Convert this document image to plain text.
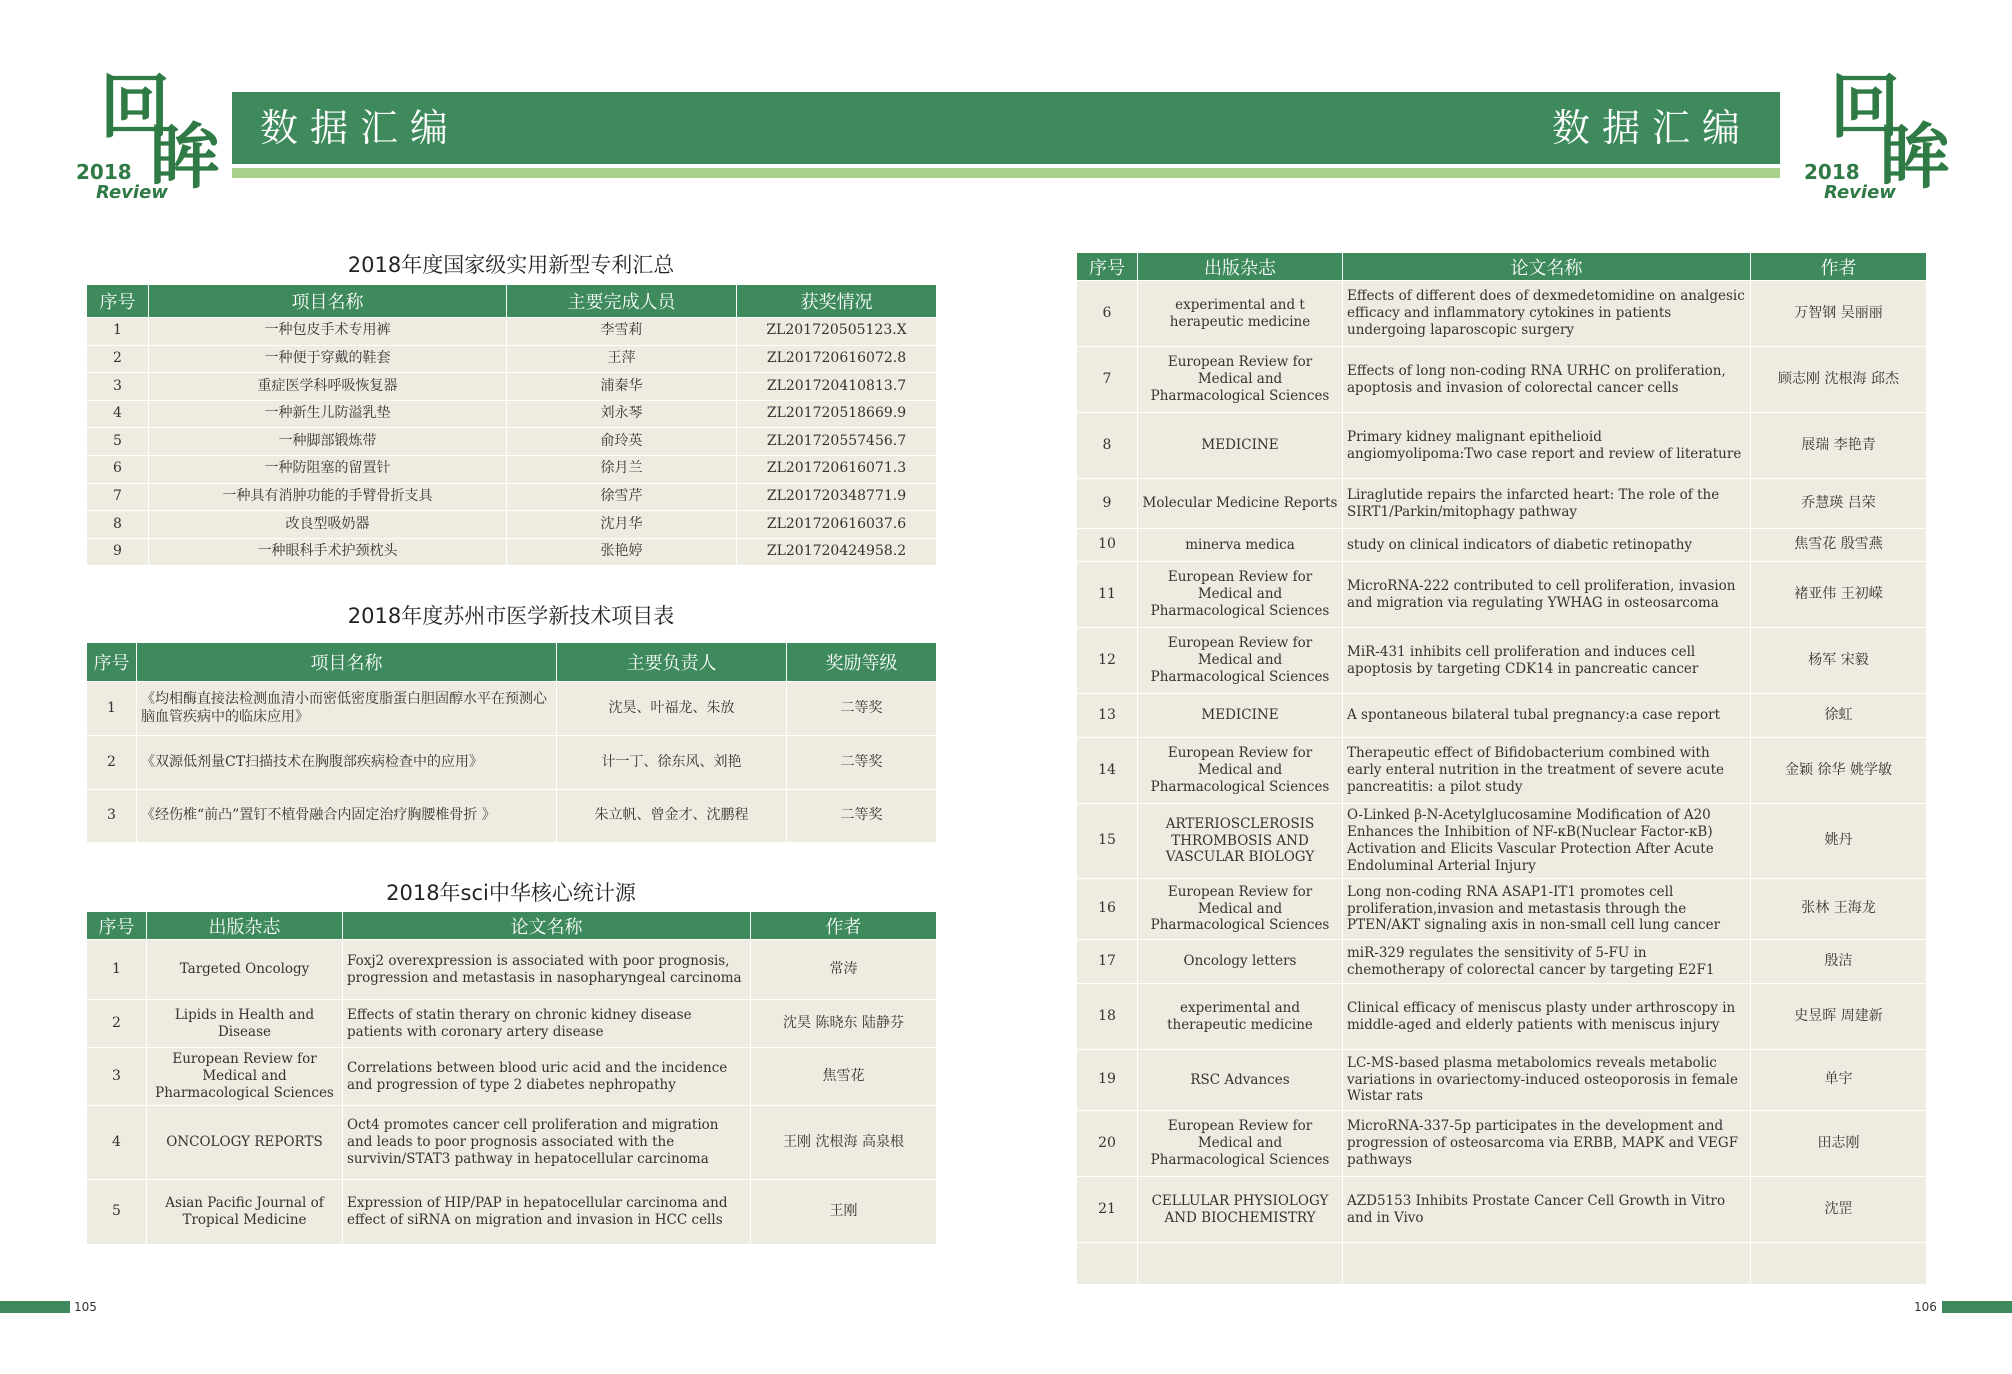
数据汇编	数据汇编
回
眸
2018
Review
回
眸
2018
Review
2018年度国家级实用新型专利汇总
序号	项目名称	主要完成人员	获奖情况
1	一种包皮手术专用裤	李雪莉	ZL201720505123.X
2	一种便于穿戴的鞋套	王萍	ZL201720616072.8
3	重症医学科呼吸恢复器	浦秦华	ZL201720410813.7
4	一种新生儿防溢乳垫	刘永琴	ZL201720518669.9
5	一种脚部锻炼带	俞玲英	ZL201720557456.7
6	一种防阻塞的留置针	徐月兰	ZL201720616071.3
7	一种具有消肿功能的手臂骨折支具	徐雪芹	ZL201720348771.9
8	改良型吸奶器	沈月华	ZL201720616037.6
9	一种眼科手术护颈枕头	张艳婷	ZL201720424958.2
2018年度苏州市医学新技术项目表
序号	项目名称	主要负责人	奖励等级
1	《均相酶直接法检测血清小而密低密度脂蛋白胆固醇水平在预测心脑血管疾病中的临床应用》	沈昊、叶福龙、朱放	二等奖
2	《双源低剂量CT扫描技术在胸腹部疾病检查中的应用》	计一丁、徐东风、刘艳	二等奖
3	《经伤椎“前凸”置钉不植骨融合内固定治疗胸腰椎骨折 》	朱立帆、曾金才、沈鹏程	二等奖
2018年sci中华核心统计源
序号	出版杂志	论文名称	作者
1	Targeted Oncology	Foxj2 overexpression is associated with poor prognosis, progression and metastasis in nasopharyngeal carcinoma	常涛
2	Lipids in Health and Disease	Effects of statin therary on chronic kidney disease patients with coronary artery disease	沈昊 陈晓东 陆静芬
3	European Review for Medical and Pharmacological Sciences	Correlations between blood uric acid and the incidence and progression of type 2 diabetes nephropathy	焦雪花
4	ONCOLOGY REPORTS	Oct4 promotes cancer cell proliferation and migration and leads to poor prognosis associated with the survivin/STAT3 pathway in hepatocellular carcinoma	王刚 沈根海 高泉根
5	Asian Pacific Journal of Tropical Medicine	Expression of HIP/PAP in hepatocellular carcinoma and effect of siRNA on migration and invasion in HCC cells	王刚
序号	出版杂志	论文名称	作者
6	experimental and t herapeutic medicine	Effects of different does of dexmedetomidine on analgesic efficacy and inflammatory cytokines in patients undergoing laparoscopic surgery	万智钢 吴丽丽
7	European Review for Medical and Pharmacological Sciences	Effects of long non-coding RNA URHC on proliferation, apoptosis and invasion of colorectal cancer cells	顾志刚 沈根海 邱杰
8	MEDICINE	Primary kidney malignant epithelioid angiomyolipoma:Two case report and review of literature	展瑞 李艳青
9	Molecular Medicine Reports	Liraglutide repairs the infarcted heart: The role of the SIRT1/Parkin/mitophagy pathway	乔慧瑛 吕荣
10	minerva medica	study on clinical indicators of diabetic retinopathy	焦雪花 殷雪燕
11	European Review for Medical and Pharmacological Sciences	MicroRNA-222 contributed to cell proliferation, invasion and migration via regulating YWHAG in osteosarcoma	褚亚伟 王初嵘
12	European Review for Medical and Pharmacological Sciences	MiR-431 inhibits cell proliferation and induces cell apoptosis by targeting CDK14 in pancreatic cancer	杨军 宋毅
13	MEDICINE	A spontaneous bilateral tubal pregnancy:a case report	徐虹
14	European Review for Medical and Pharmacological Sciences	Therapeutic effect of Bifidobacterium combined with early enteral nutrition in the treatment of severe acute pancreatitis: a pilot study	金颖 徐华 姚学敏
15	ARTERIOSCLEROSIS THROMBOSIS AND VASCULAR BIOLOGY	O-Linked β-N-Acetylglucosamine Modification of A20 Enhances the Inhibition of NF-κB(Nuclear Factor-κB) Activation and Elicits Vascular Protection After Acute Endoluminal Arterial Injury	姚丹
16	European Review for Medical and Pharmacological Sciences	Long non-coding RNA ASAP1-IT1 promotes cell proliferation,invasion and metastasis through the PTEN/AKT signaling axis in non-small cell lung cancer	张林 王海龙
17	Oncology letters	miR-329 regulates the sensitivity of 5-FU in chemotherapy of colorectal cancer by targeting E2F1	殷洁
18	experimental and therapeutic medicine	Clinical efficacy of meniscus plasty under arthroscopy in middle-aged and elderly patients with meniscus injury	史昱晖 周建新
19	RSC Advances	LC-MS-based plasma metabolomics reveals metabolic variations in ovariectomy-induced osteoporosis in female Wistar rats	单宇
20	European Review for Medical and Pharmacological Sciences	MicroRNA-337-5p participates in the development and progression of osteosarcoma via ERBB, MAPK and VEGF pathways	田志刚
21	CELLULAR PHYSIOLOGY AND BIOCHEMISTRY	AZD5153 Inhibits Prostate Cancer Cell Growth in Vitro and in Vivo	沈罡

105	106
